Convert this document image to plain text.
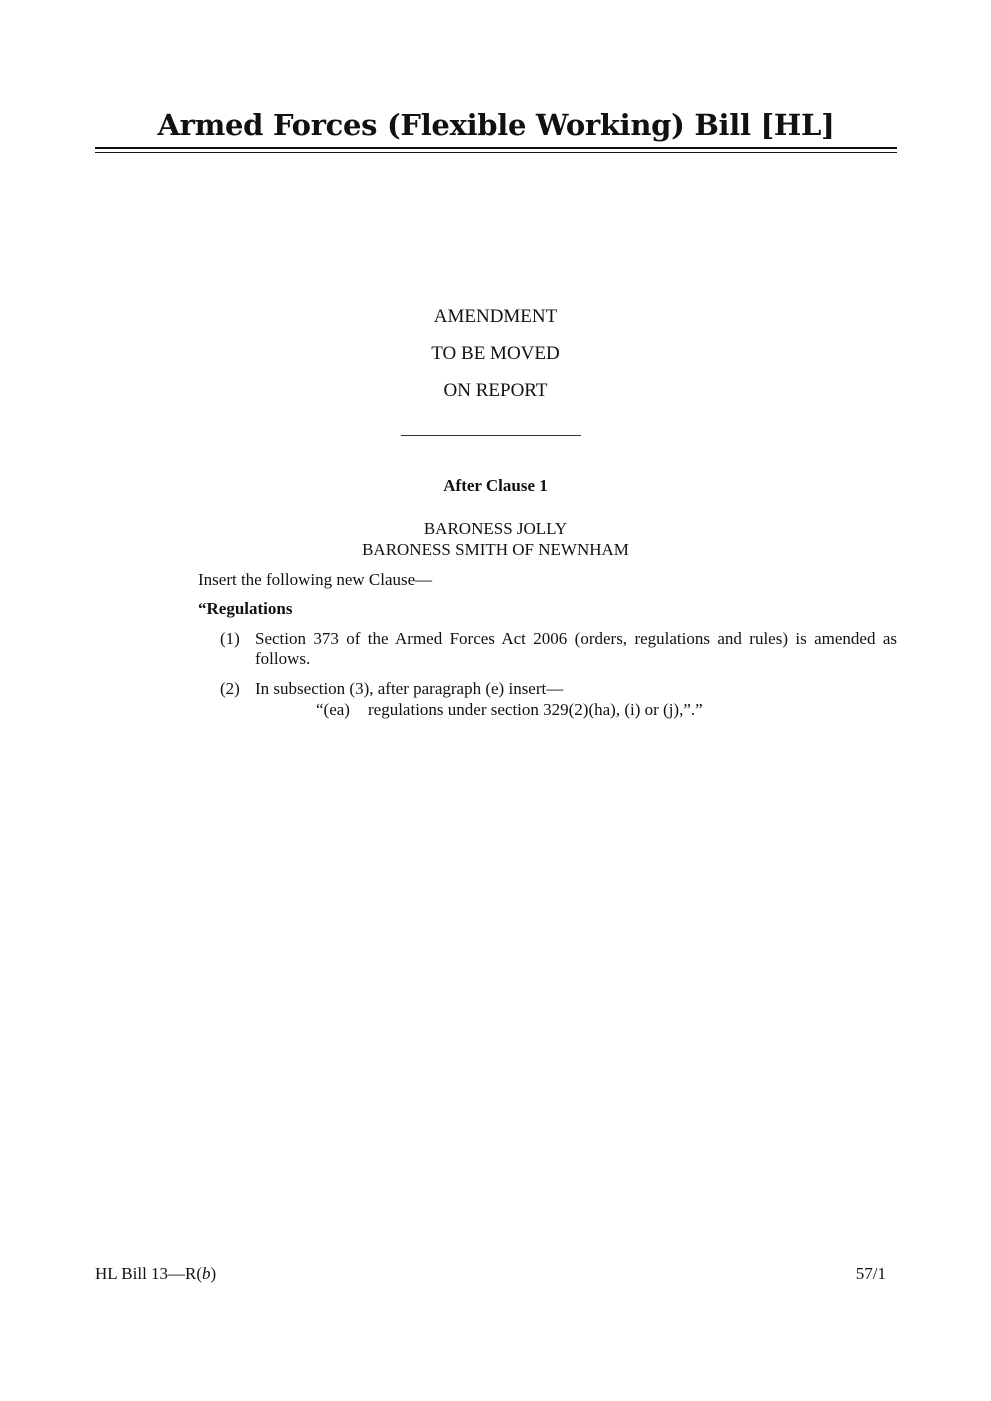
Armed Forces (Flexible Working) Bill [HL]
AMENDMENT
TO BE MOVED
ON REPORT
After Clause 1
BARONESS JOLLY
BARONESS SMITH OF NEWNHAM
Insert the following new Clause—
“Regulations
(1) Section 373 of the Armed Forces Act 2006 (orders, regulations and rules) is amended as follows.
(2) In subsection (3), after paragraph (e) insert—
“(ea) regulations under section 329(2)(ha), (i) or (j),”.”
HL Bill 13—R(b)	57/1
